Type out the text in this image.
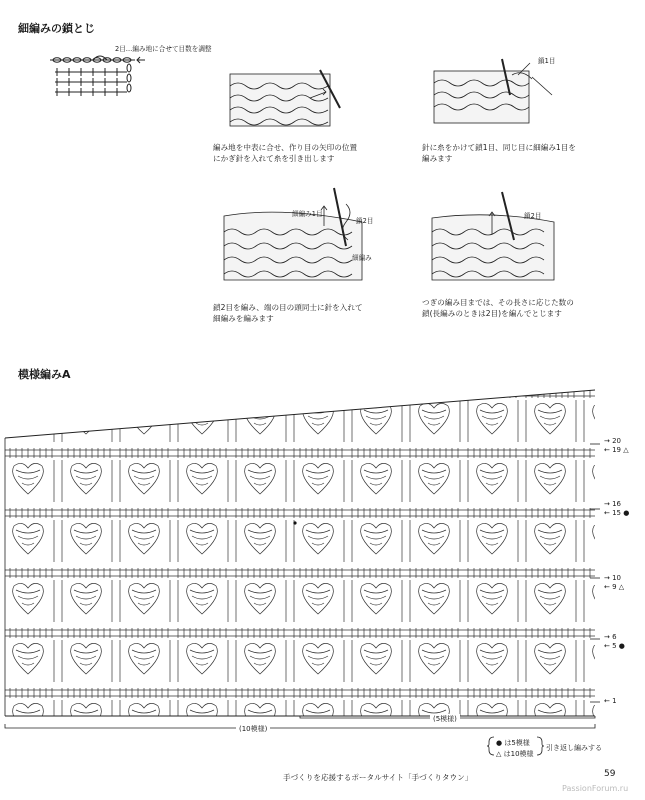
細編みの鎖とじ
2目…編み地に合せて目数を調整
編み地を中表に合せ、作り目の矢印の位置
にかぎ針を入れて糸を引き出します
鎖1目
針に糸をかけて鎖1目、同じ目に細編み1目を
編みます
細編み1目
鎖2目
細編み
鎖2目を編み、端の目の頭同士に針を入れて
細編みを編みます
鎖2目
つぎの編み目までは、その長さに応じた数の
鎖(長編みのときは2目)を編んでとじます
模様編みA
→ 20
← 19 △
→ 16
← 15 ●
→ 10
← 9 △
→ 6
← 5 ●
← 1
(5模様)
(10模様)
● は5模様
△ は10模様
引き返し編みする
手づくりを応援するポータルサイト「手づくりタウン」	59
PassionForum.ru
